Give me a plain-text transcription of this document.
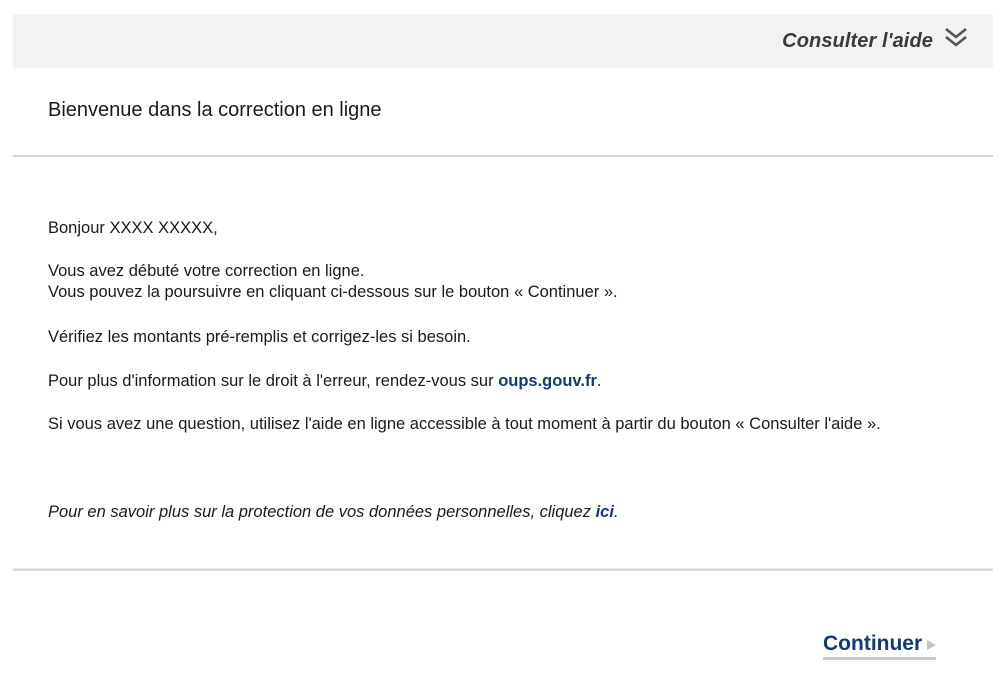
Consulter l'aide
Bienvenue dans la correction en ligne

Bonjour XXXX XXXXX,

Vous avez débuté votre correction en ligne.

Vous pouvez la poursuivre en cliquant ci-dessous sur le bouton « Continuer ».

Vérifiez les montants pré-remplis et corrigez-les si besoin.

Pour plus d'information sur le droit à l'erreur, rendez-vous sur oups.gouv.fr.

Si vous avez une question, utilisez l'aide en ligne accessible à tout moment à partir du bouton « Consulter l'aide ».

Pour en savoir plus sur la protection de vos données personnelles, cliquez ici.

Continuer
